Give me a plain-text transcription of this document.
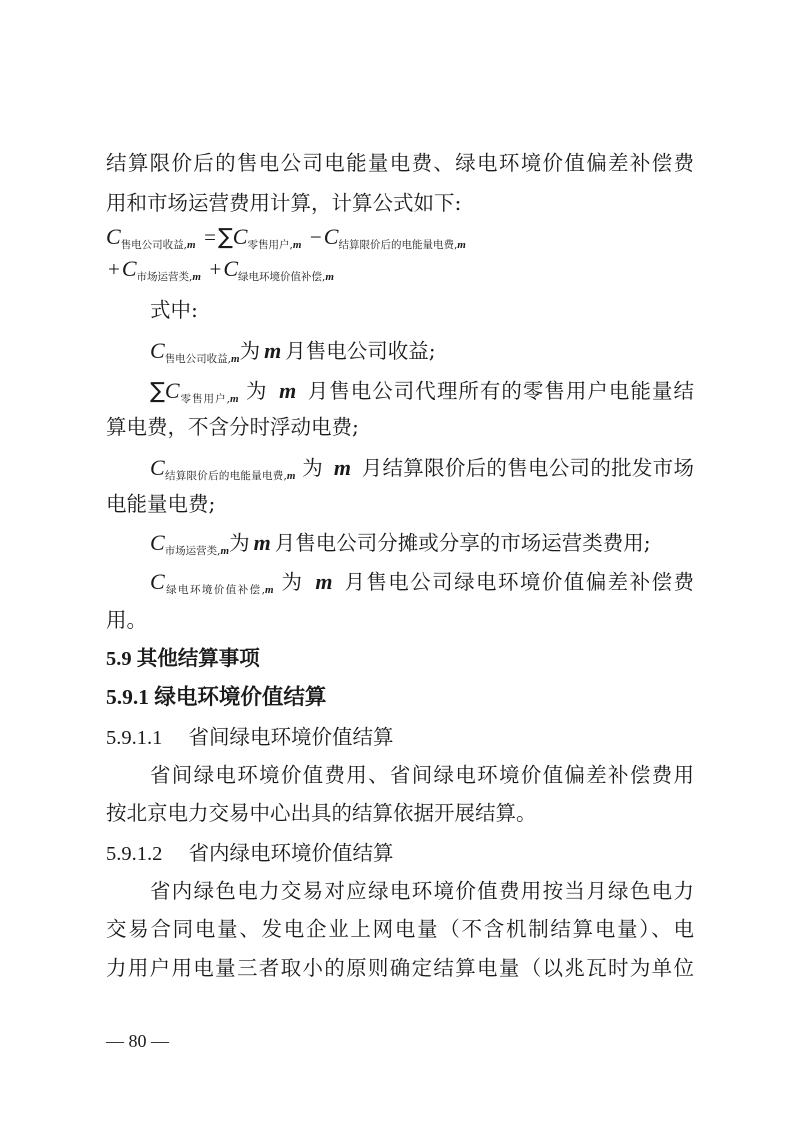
结算限价后的售电公司电能量电费、绿电环境价值偏差补偿费
用和市场运营费用计算，计算公式如下:
C售电公司收益,m =∑C零售用户,m −C结算限价后的电能量电费,m
+C市场运营类,m +C绿电环境价值补偿,m
式中:
C售电公司收益,m为 m 月售电公司收益;
∑C零售用户,m 为 m 月售电公司代理所有的零售用户电能量结
算电费，不含分时浮动电费;
C结算限价后的电能量电费,m 为 m 月结算限价后的售电公司的批发市场
电能量电费;
C市场运营类,m为 m 月售电公司分摊或分享的市场运营类费用;
C绿电环境价值补偿,m 为 m 月售电公司绿电环境价值偏差补偿费
用。
5.9 其他结算事项
5.9.1 绿电环境价值结算
5.9.1.1 省间绿电环境价值结算
省间绿电环境价值费用、省间绿电环境价值偏差补偿费用
按北京电力交易中心出具的结算依据开展结算。
5.9.1.2 省内绿电环境价值结算
省内绿色电力交易对应绿电环境价值费用按当月绿色电力
交易合同电量、发电企业上网电量（不含机制结算电量）、电
力用户用电量三者取小的原则确定结算电量（以兆瓦时为单位
— 80 —
